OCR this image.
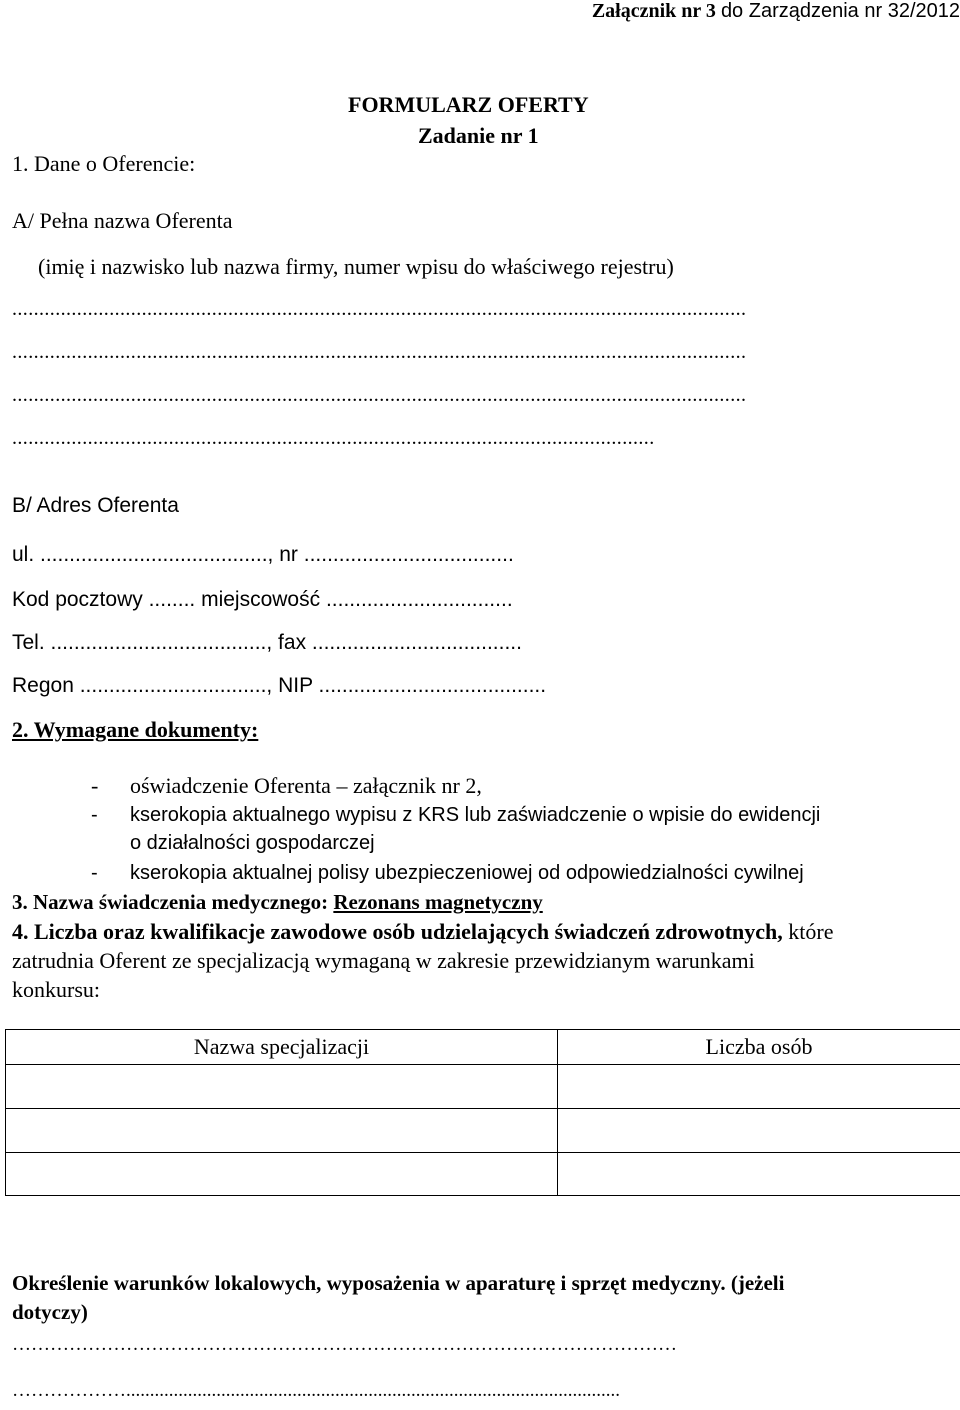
Załącznik nr 3 do Zarządzenia nr 32/2012
FORMULARZ OFERTY
Zadanie nr 1
1. Dane o Oferencie:
A/ Pełna nazwa Oferenta
(imię i nazwisko lub nazwa firmy, numer wpisu do właściwego rejestru)
........................................................................................................................................
........................................................................................................................................
........................................................................................................................................
.......................................................................................................................
B/ Adres Oferenta
ul. ......................................., nr ....................................
Kod pocztowy ........ miejscowość ................................
Tel. ....................................., fax ....................................
Regon ................................, NIP .......................................
2. Wymagane dokumenty:
- oświadczenie Oferenta – załącznik nr 2,
- kserokopia aktualnego wypisu z KRS lub zaświadczenie o wpisie do ewidencji
o działalności gospodarczej
- kserokopia aktualnej polisy ubezpieczeniowej od odpowiedzialności cywilnej
3. Nazwa świadczenia medycznego: Rezonans magnetyczny
4. Liczba oraz kwalifikacje zawodowe osób udzielających świadczeń zdrowotnych, które
zatrudnia Oferent ze specjalizacją wymaganą w zakresie przewidzianym warunkami
konkursu:
Nazwa specjalizacji	Liczba osób

Określenie warunków lokalowych, wyposażenia w aparaturę i sprzęt medyczny. (jeżeli
dotyczy)
……………………………………………………………………………………………
………………........................................................................................................
